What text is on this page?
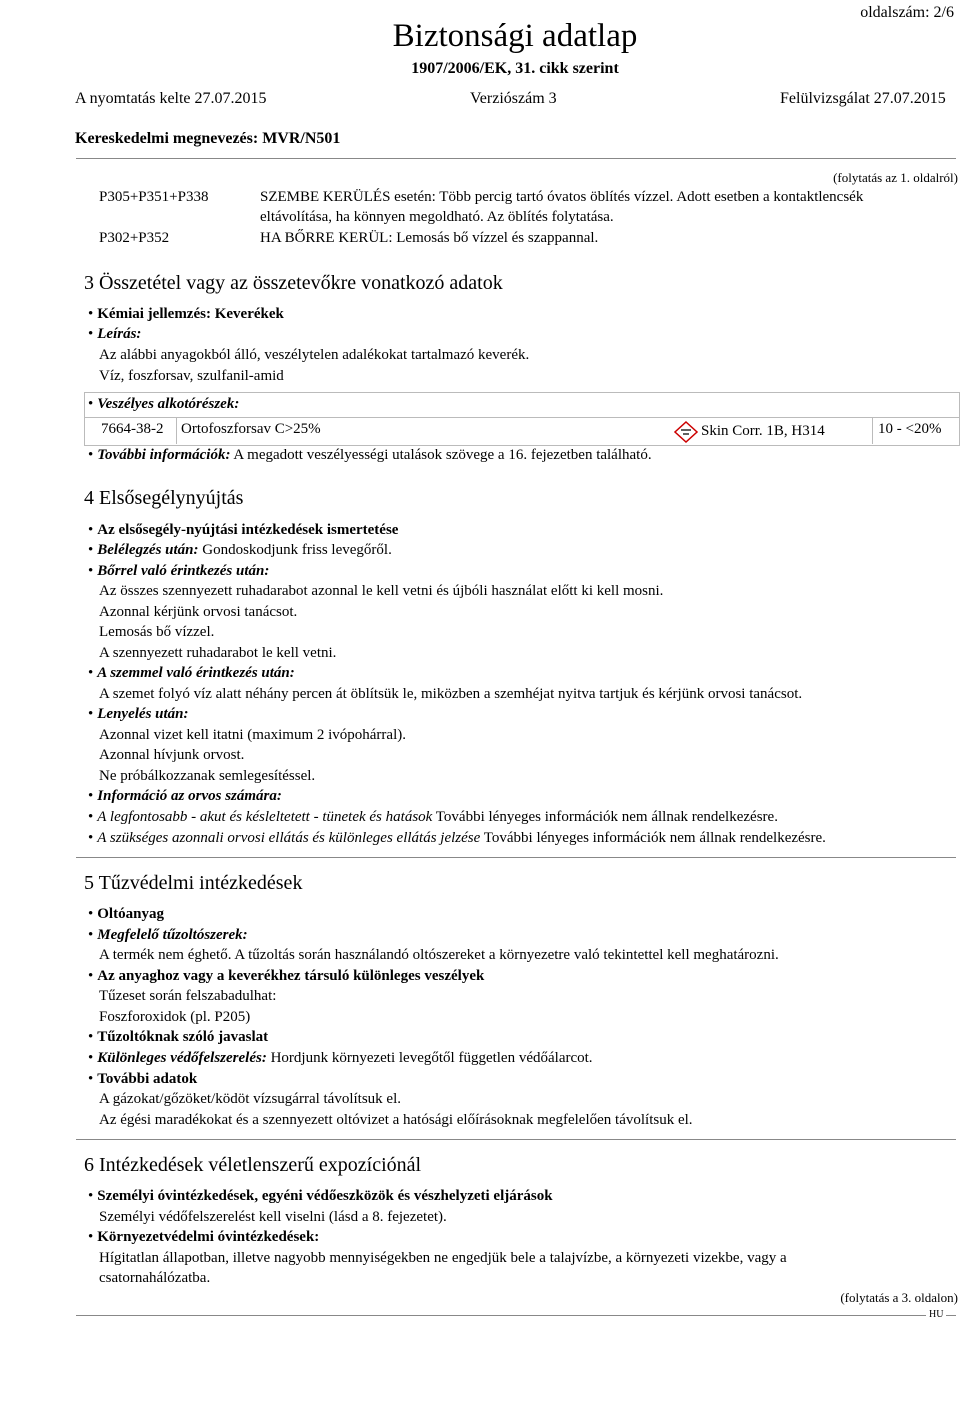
oldalszám: 2/6
Biztonsági adatlap
1907/2006/EK, 31. cikk szerint
A nyomtatás kelte 27.07.2015	Verziószám 3	Felülvizsgálat 27.07.2015
Kereskedelmi megnevezés: MVR/N501
(folytatás az 1. oldalról)
P305+P351+P338	SZEMBE KERÜLÉS esetén: Több percig tartó óvatos öblítés vízzel. Adott esetben a kontaktlencsék
eltávolítása, ha könnyen megoldható. Az öblítés folytatása.
P302+P352	HA BŐRRE KERÜL: Lemosás bő vízzel és szappannal.
3 Összetétel vagy az összetevőkre vonatkozó adatok
• Kémiai jellemzés: Keverékek
• Leírás:
Az alábbi anyagokból álló, veszélytelen adalékokat tartalmazó keverék.
Víz, foszforsav, szulfanil-amid
• Veszélyes alkotórészek:
7664-38-2 Ortofoszforsav C>25%	Skin Corr. 1B, H314	10 - <20%
• További információk: A megadott veszélyességi utalások szövege a 16. fejezetben található.
4 Elsősegélynyújtás
• Az elsősegély-nyújtási intézkedések ismertetése
• Belélegzés után: Gondoskodjunk friss levegőről.
• Bőrrel való érintkezés után:
Az összes szennyezett ruhadarabot azonnal le kell vetni és újbóli használat előtt ki kell mosni.
Azonnal kérjünk orvosi tanácsot.
Lemosás bő vízzel.
A szennyezett ruhadarabot le kell vetni.
• A szemmel való érintkezés után:
A szemet folyó víz alatt néhány percen át öblítsük le, miközben a szemhéjat nyitva tartjuk és kérjünk orvosi tanácsot.
• Lenyelés után:
Azonnal vizet kell itatni (maximum 2 ivópohárral).
Azonnal hívjunk orvost.
Ne próbálkozzanak semlegesítéssel.
• Információ az orvos számára:
• A legfontosabb - akut és késleltetett - tünetek és hatások További lényeges információk nem állnak rendelkezésre.
• A szükséges azonnali orvosi ellátás és különleges ellátás jelzése További lényeges információk nem állnak rendelkezésre.
5 Tűzvédelmi intézkedések
• Oltóanyag
• Megfelelő tűzoltószerek:
A termék nem éghető. A tűzoltás során használandó oltószereket a környezetre való tekintettel kell meghatározni.
• Az anyaghoz vagy a keverékhez társuló különleges veszélyek
Tűzeset során felszabadulhat:
Foszforoxidok (pl. P205)
• Tűzoltóknak szóló javaslat
• Különleges védőfelszerelés: Hordjunk környezeti levegőtől független védőálarcot.
• További adatok
A gázokat/gőzöket/ködöt vízsugárral távolítsuk el.
Az égési maradékokat és a szennyezett oltóvizet a hatósági előírásoknak megfelelően távolítsuk el.
6 Intézkedések véletlenszerű expozíciónál
• Személyi óvintézkedések, egyéni védőeszközök és vészhelyzeti eljárások
Személyi védőfelszerelést kell viselni (lásd a 8. fejezetet).
• Környezetvédelmi óvintézkedések:
Hígitatlan állapotban, illetve nagyobb mennyiségekben ne engedjük bele a talajvízbe, a környezeti vizekbe, vagy a
csatornahálózatba.
(folytatás a 3. oldalon)
HU
